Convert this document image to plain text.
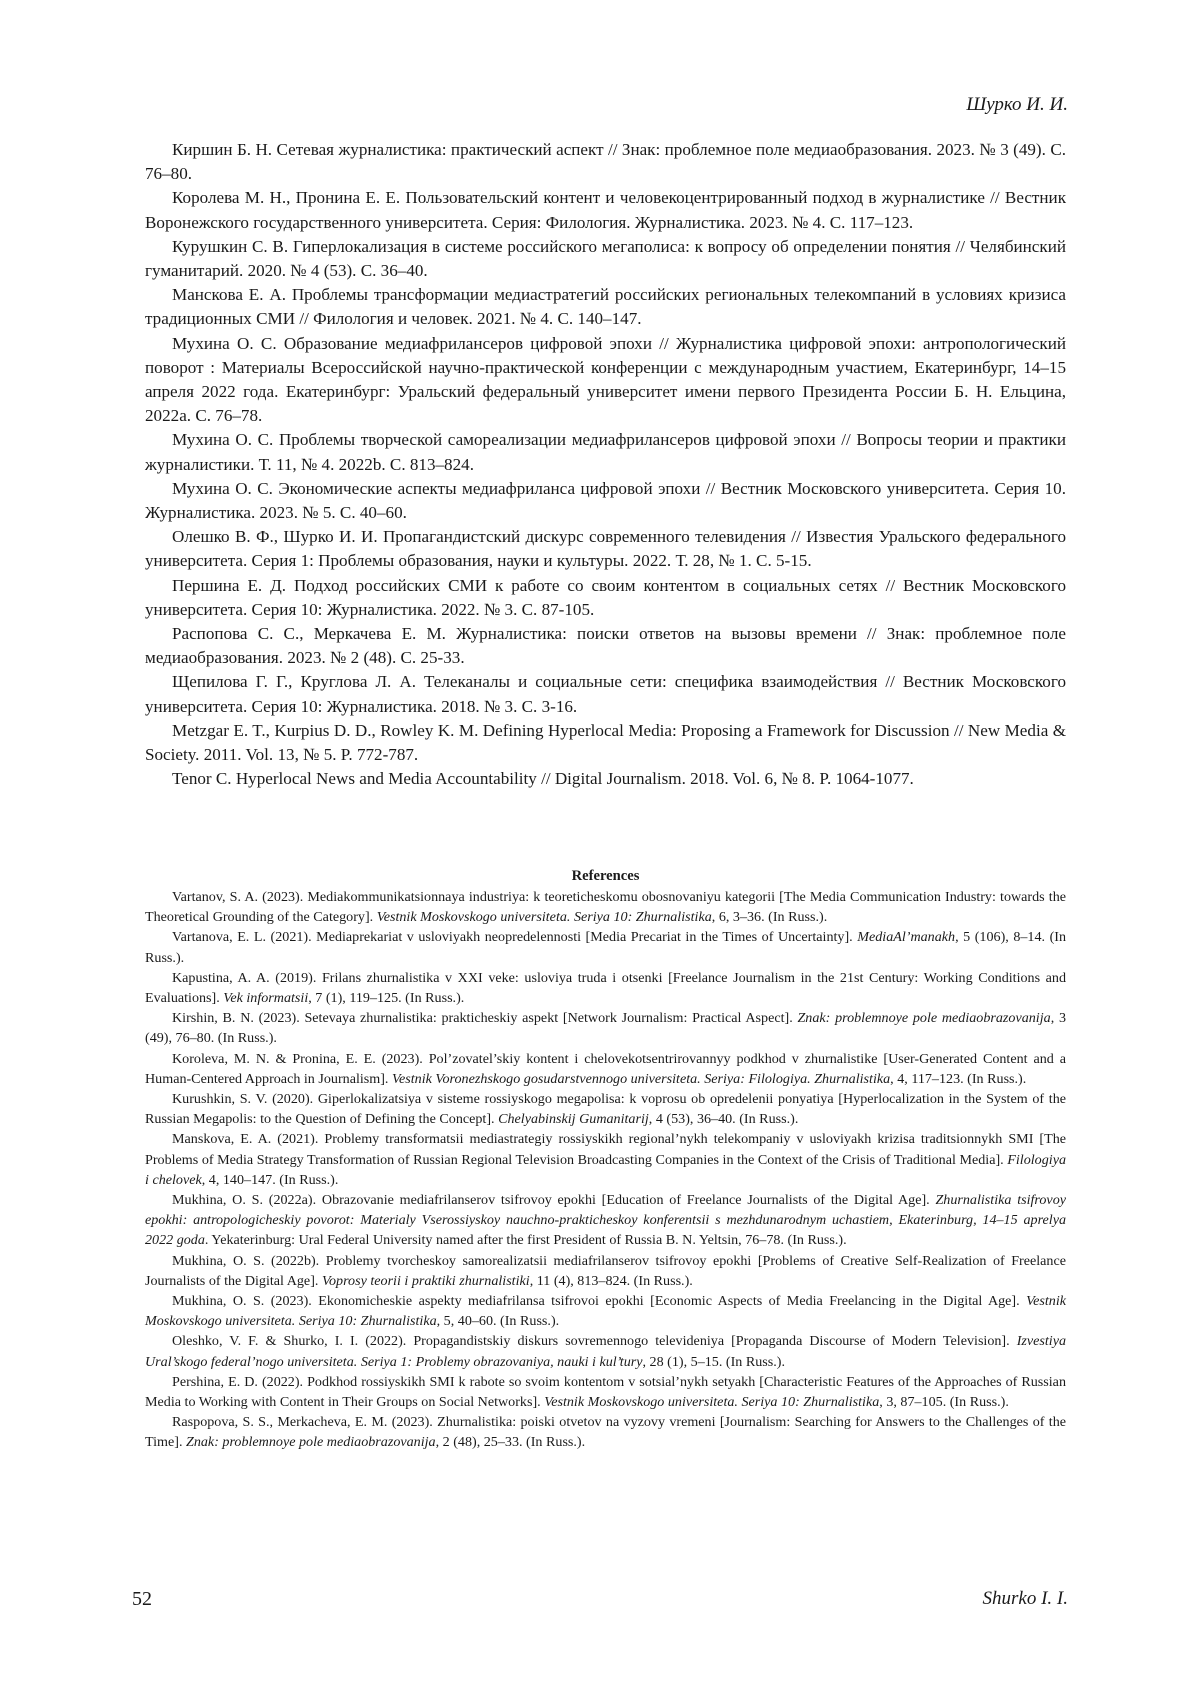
Шурко И. И.

Киршин Б. Н. Сетевая журналистика: практический аспект // Знак: проблемное поле медиаобразования. 2023. № 3 (49). С. 76–80.

Королева М. Н., Пронина Е. Е. Пользовательский контент и человекоцентрированный подход в журналистике // Вестник Воронежского государственного университета. Серия: Филология. Журналистика. 2023. № 4. С. 117–123.

Курушкин С. В. Гиперлокализация в системе российского мегаполиса: к вопросу об определении понятия // Челябинский гуманитарий. 2020. № 4 (53). С. 36–40.

Манскова Е. А. Проблемы трансформации медиастратегий российских региональных телекомпаний в условиях кризиса традиционных СМИ // Филология и человек. 2021. № 4. С. 140–147.

Мухина О. С. Образование медиафрилансеров цифровой эпохи // Журналистика цифровой эпохи: антропологический поворот : Материалы Всероссийской научно-практической конференции с международным участием, Екатеринбург, 14–15 апреля 2022 года. Екатеринбург: Уральский федеральный университет имени первого Президента России Б. Н. Ельцина, 2022a. С. 76–78.

Мухина О. С. Проблемы творческой самореализации медиафрилансеров цифровой эпохи // Вопросы теории и практики журналистики. Т. 11, № 4. 2022b. С. 813–824.

Мухина О. С. Экономические аспекты медиафриланса цифровой эпохи // Вестник Московского университета. Серия 10. Журналистика. 2023. № 5. С. 40–60.

Олешко В. Ф., Шурко И. И. Пропагандистский дискурс современного телевидения // Известия Уральского федерального университета. Серия 1: Проблемы образования, науки и культуры. 2022. Т. 28, № 1. С. 5-15.

Першина Е. Д. Подход российских СМИ к работе со своим контентом в социальных сетях // Вестник Московского университета. Серия 10: Журналистика. 2022. № 3. С. 87-105.

Распопова С. С., Меркачева Е. М. Журналистика: поиски ответов на вызовы времени // Знак: проблемное поле медиаобразования. 2023. № 2 (48). С. 25-33.

Щепилова Г. Г., Круглова Л. А. Телеканалы и социальные сети: специфика взаимодействия // Вестник Московского университета. Серия 10: Журналистика. 2018. № 3. С. 3-16.

Metzgar E. T., Kurpius D. D., Rowley K. M. Defining Hyperlocal Media: Proposing a Framework for Discussion // New Media & Society. 2011. Vol. 13, № 5. P. 772-787.

Tenor C. Hyperlocal News and Media Accountability // Digital Journalism. 2018. Vol. 6, № 8. P. 1064-1077.

References

Vartanov, S. A. (2023). Mediakommunikatsionnaya industriya: k teoreticheskomu obosnovaniyu kategorii [The Media Communication Industry: towards the Theoretical Grounding of the Category]. Vestnik Moskovskogo universiteta. Seriya 10: Zhurnalistika, 6, 3–36. (In Russ.).

Vartanova, E. L. (2021). Mediaprekariat v usloviyakh neopredelennosti [Media Precariat in the Times of Uncertainty]. MediaAl’manakh, 5 (106), 8–14. (In Russ.).

Kapustina, A. A. (2019). Frilans zhurnalistika v XXI veke: usloviya truda i otsenki [Freelance Journalism in the 21st Century: Working Conditions and Evaluations]. Vek informatsii, 7 (1), 119–125. (In Russ.).

Kirshin, B. N. (2023). Setevaya zhurnalistika: prakticheskiy aspekt [Network Journalism: Practical Aspect]. Znak: problemnoye pole mediaobrazovanija, 3 (49), 76–80. (In Russ.).

Koroleva, M. N. & Pronina, E. E. (2023). Pol’zovatel’skiy kontent i chelovekotsentrirovannyy podkhod v zhurnalistike [User-Generated Content and a Human-Centered Approach in Journalism]. Vestnik Voronezhskogo gosudarstvennogo universiteta. Seriya: Filologiya. Zhurnalistika, 4, 117–123. (In Russ.).

Kurushkin, S. V. (2020). Giperlokalizatsiya v sisteme rossiyskogo megapolisa: k voprosu ob opredelenii ponyatiya [Hyperlocalization in the System of the Russian Megapolis: to the Question of Defining the Concept]. Chelyabinskij Gumanitarij, 4 (53), 36–40. (In Russ.).

Manskova, E. A. (2021). Problemy transformatsii mediastrategiy rossiyskikh regional’nykh telekompaniy v usloviyakh krizisa traditsionnykh SMI [The Problems of Media Strategy Transformation of Russian Regional Television Broadcasting Companies in the Context of the Crisis of Traditional Media]. Filologiya i chelovek, 4, 140–147. (In Russ.).

Mukhina, O. S. (2022a). Obrazovanie mediafrilanserov tsifrovoy epokhi [Education of Freelance Journalists of the Digital Age]. Zhurnalistika tsifrovoy epokhi: antropologicheskiy povorot: Materialy Vserossiyskoy nauchno-prakticheskoy konferentsii s mezhdunarodnym uchastiem, Ekaterinburg, 14–15 aprelya 2022 goda. Yekaterinburg: Ural Federal University named after the first President of Russia B. N. Yeltsin, 76–78. (In Russ.).

Mukhina, O. S. (2022b). Problemy tvorcheskoy samorealizatsii mediafrilanserov tsifrovoy epokhi [Problems of Creative Self-Realization of Freelance Journalists of the Digital Age]. Voprosy teorii i praktiki zhurnalistiki, 11 (4), 813–824. (In Russ.).

Mukhina, O. S. (2023). Ekonomicheskie aspekty mediafrilansa tsifrovoi epokhi [Economic Aspects of Media Freelancing in the Digital Age]. Vestnik Moskovskogo universiteta. Seriya 10: Zhurnalistika, 5, 40–60. (In Russ.).

Oleshko, V. F. & Shurko, I. I. (2022). Propagandistskiy diskurs sovremennogo televideniya [Propaganda Discourse of Modern Television]. Izvestiya Ural’skogo federal’nogo universiteta. Seriya 1: Problemy obrazovaniya, nauki i kul’tury, 28 (1), 5–15. (In Russ.).

Pershina, E. D. (2022). Podkhod rossiyskikh SMI k rabote so svoim kontentom v sotsial’nykh setyakh [Characteristic Features of the Approaches of Russian Media to Working with Content in Their Groups on Social Networks]. Vestnik Moskovskogo universiteta. Seriya 10: Zhurnalistika, 3, 87–105. (In Russ.).

Raspopova, S. S., Merkacheva, E. M. (2023). Zhurnalistika: poiski otvetov na vyzovy vremeni [Journalism: Searching for Answers to the Challenges of the Time]. Znak: problemnoye pole mediaobrazovanija, 2 (48), 25–33. (In Russ.).

52	Shurko I. I.
